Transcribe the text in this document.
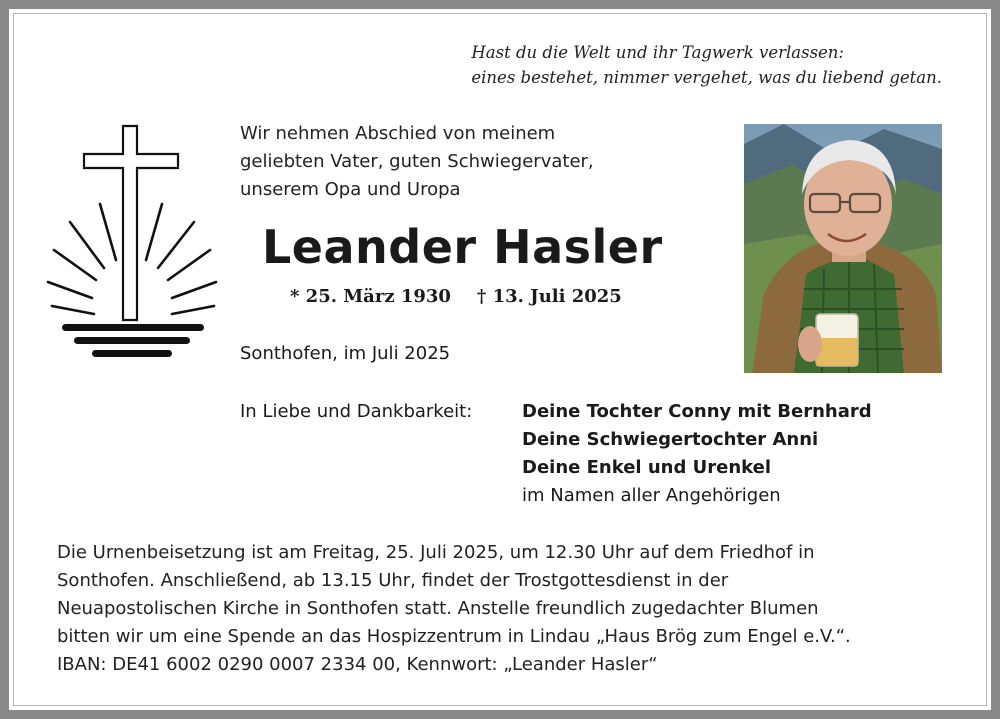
Hast du die Welt und ihr Tagwerk verlassen:
eines bestehet, nimmer vergehet, was du liebend getan.
Wir nehmen Abschied von meinem
geliebten Vater, guten Schwiegervater,
unserem Opa und Uropa
Leander Hasler
* 25. März 1930 † 13. Juli 2025
Sonthofen, im Juli 2025
In Liebe und Dankbarkeit:	Deine Tochter Conny mit Bernhard
Deine Schwiegertochter Anni
Deine Enkel und Urenkel
im Namen aller Angehörigen
Die Urnenbeisetzung ist am Freitag, 25. Juli 2025, um 12.30 Uhr auf dem Friedhof in
Sonthofen. Anschließend, ab 13.15 Uhr, findet der Trostgottesdienst in der
Neuapostolischen Kirche in Sonthofen statt. Anstelle freundlich zugedachter Blumen
bitten wir um eine Spende an das Hospizzentrum in Lindau „Haus Brög zum Engel e.V.“.
IBAN: DE41 6002 0290 0007 2334 00, Kennwort: „Leander Hasler“
